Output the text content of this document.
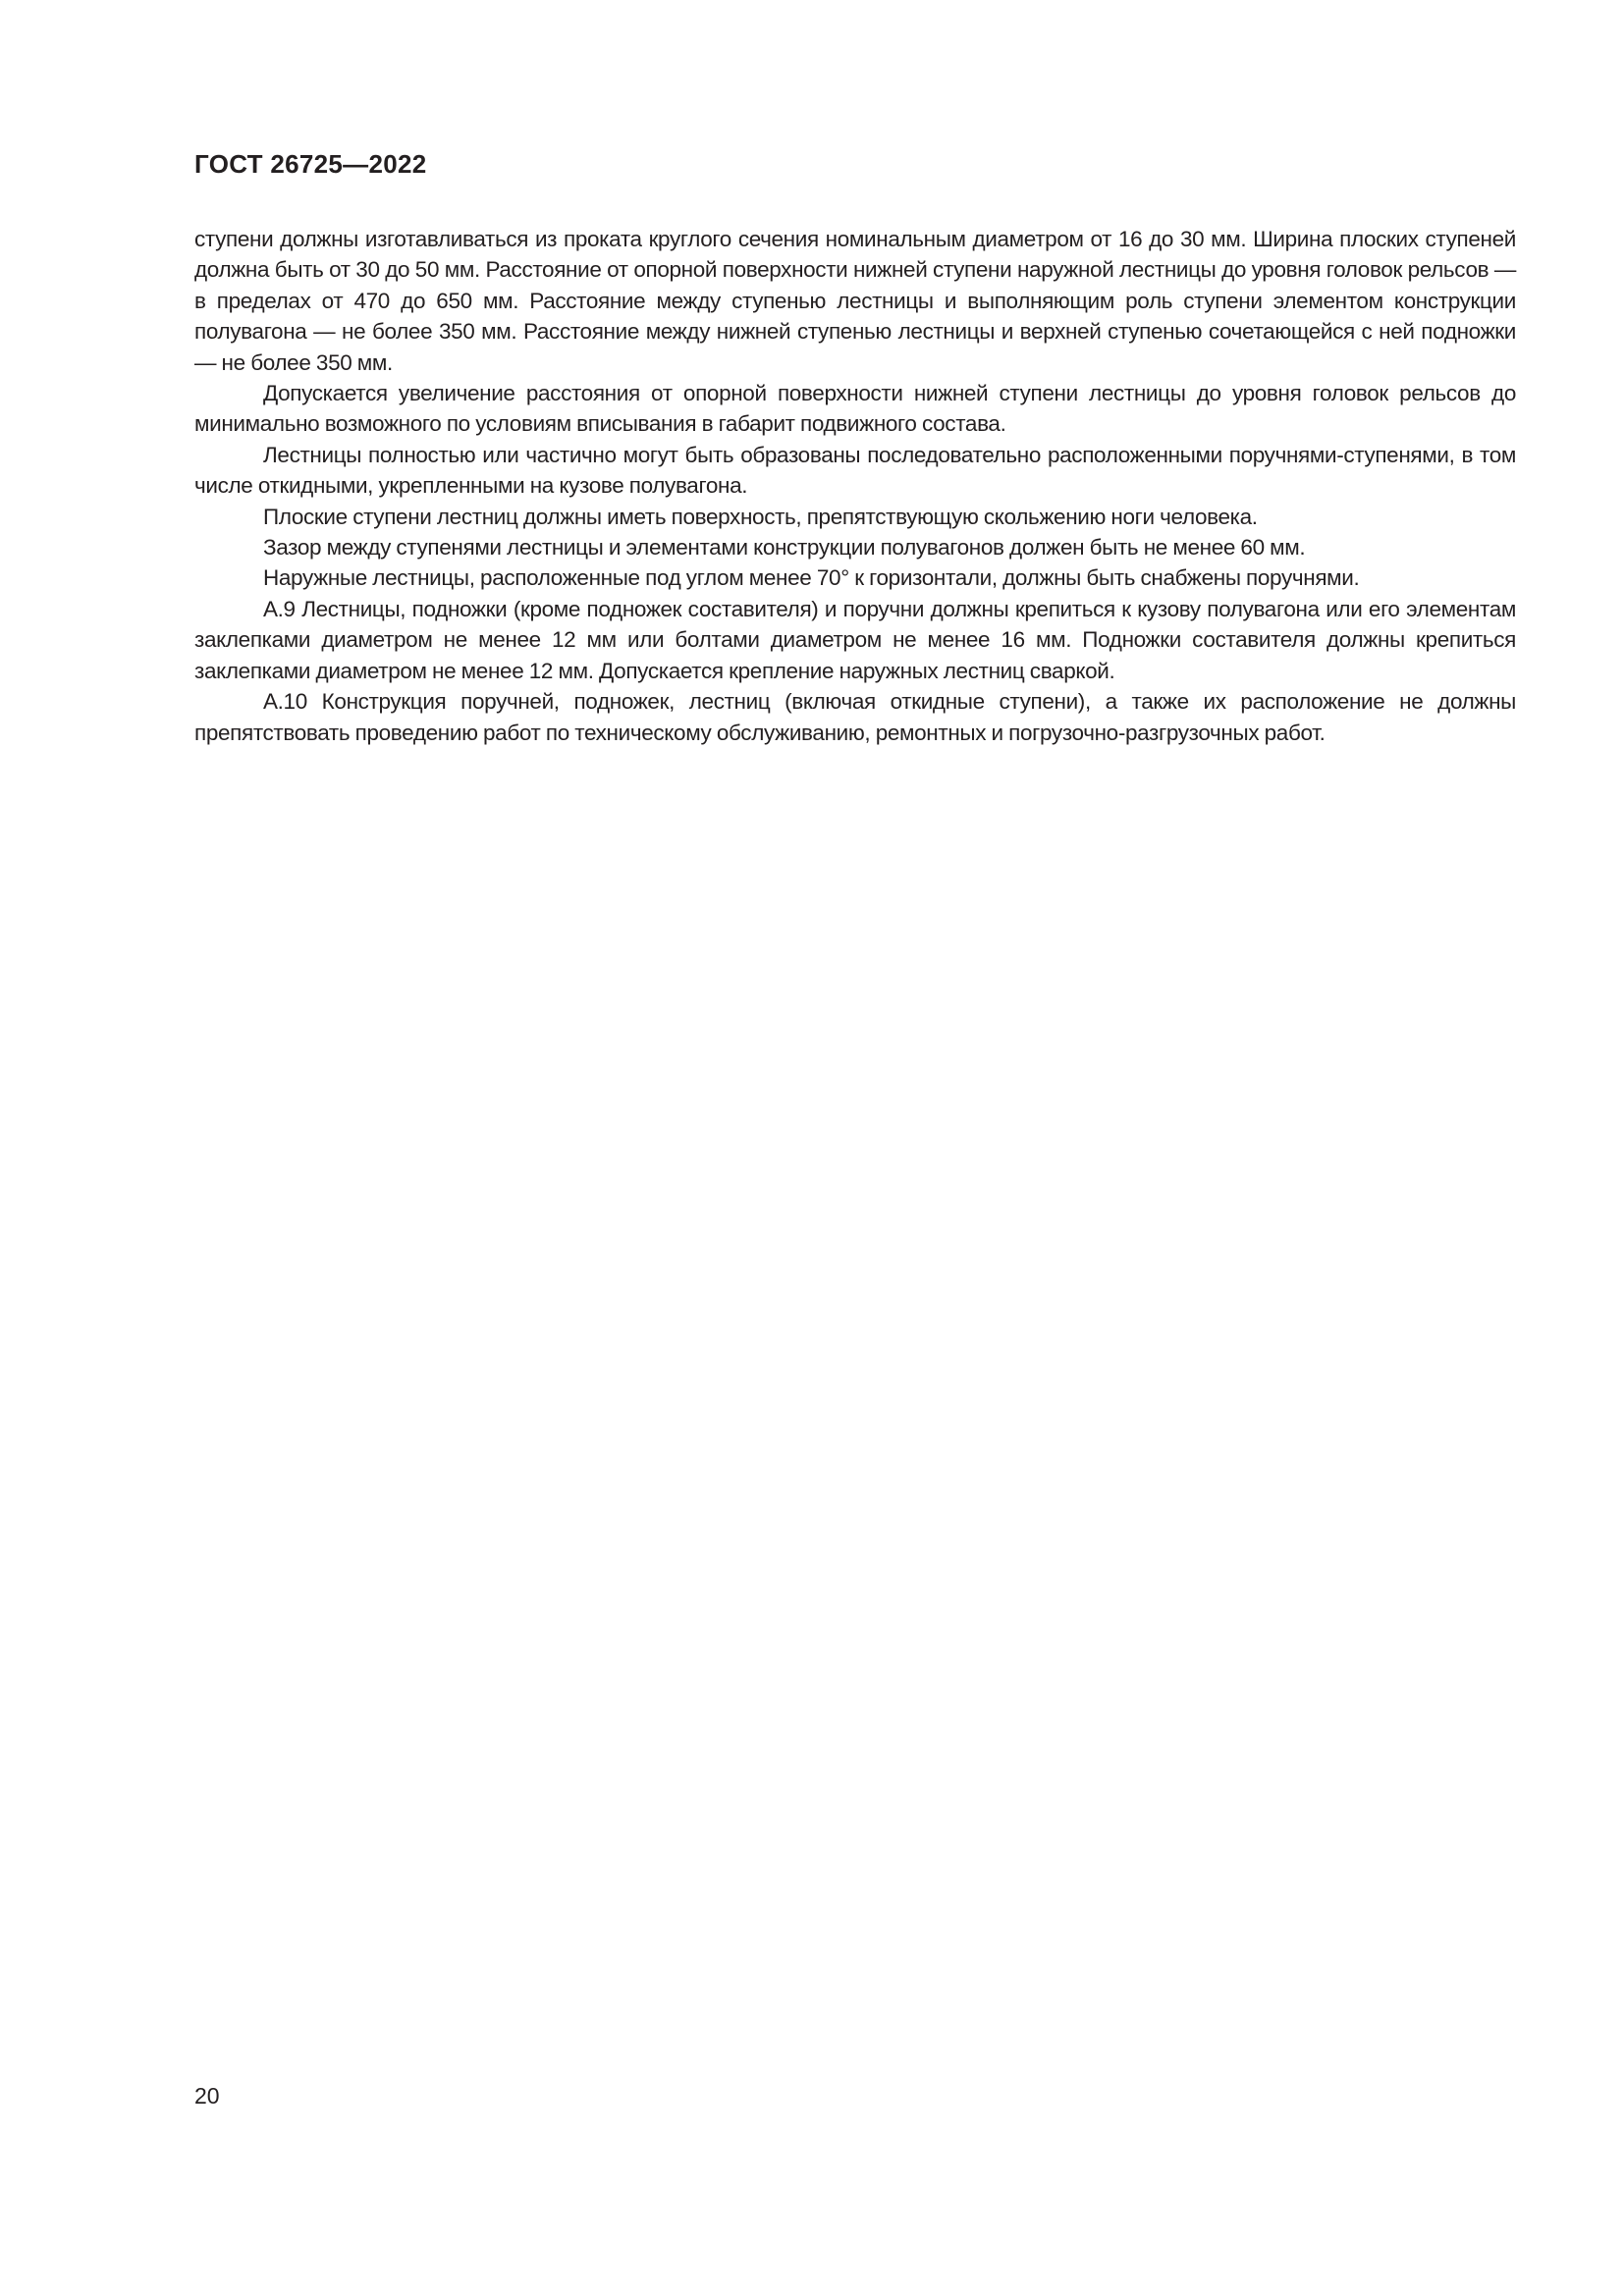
ГОСТ 26725—2022

ступени должны изготавливаться из проката круглого сечения номинальным диаметром от 16 до 30 мм. Ширина плоских ступеней должна быть от 30 до 50 мм. Расстояние от опорной поверхности нижней ступени наружной лестницы до уровня головок рельсов — в пределах от 470 до 650 мм. Расстояние между ступенью лестницы и выполняющим роль ступени элементом конструкции полувагона — не более 350 мм. Расстояние между нижней ступенью лестницы и верхней ступенью сочетающейся с ней подножки — не более 350 мм.

Допускается увеличение расстояния от опорной поверхности нижней ступени лестницы до уровня головок рельсов до минимально возможного по условиям вписывания в габарит подвижного состава.

Лестницы полностью или частично могут быть образованы последовательно расположенными поручнями-ступенями, в том числе откидными, укрепленными на кузове полувагона.

Плоские ступени лестниц должны иметь поверхность, препятствующую скольжению ноги человека.

Зазор между ступенями лестницы и элементами конструкции полувагонов должен быть не менее 60 мм.

Наружные лестницы, расположенные под углом менее 70° к горизонтали, должны быть снабжены поручнями.

А.9 Лестницы, подножки (кроме подножек составителя) и поручни должны крепиться к кузову полувагона или его элементам заклепками диаметром не менее 12 мм или болтами диаметром не менее 16 мм. Подножки составителя должны крепиться заклепками диаметром не менее 12 мм. Допускается крепление наружных лестниц сваркой.

А.10 Конструкция поручней, подножек, лестниц (включая откидные ступени), а также их расположение не должны препятствовать проведению работ по техническому обслуживанию, ремонтных и погрузочно-разгрузочных работ.

20
